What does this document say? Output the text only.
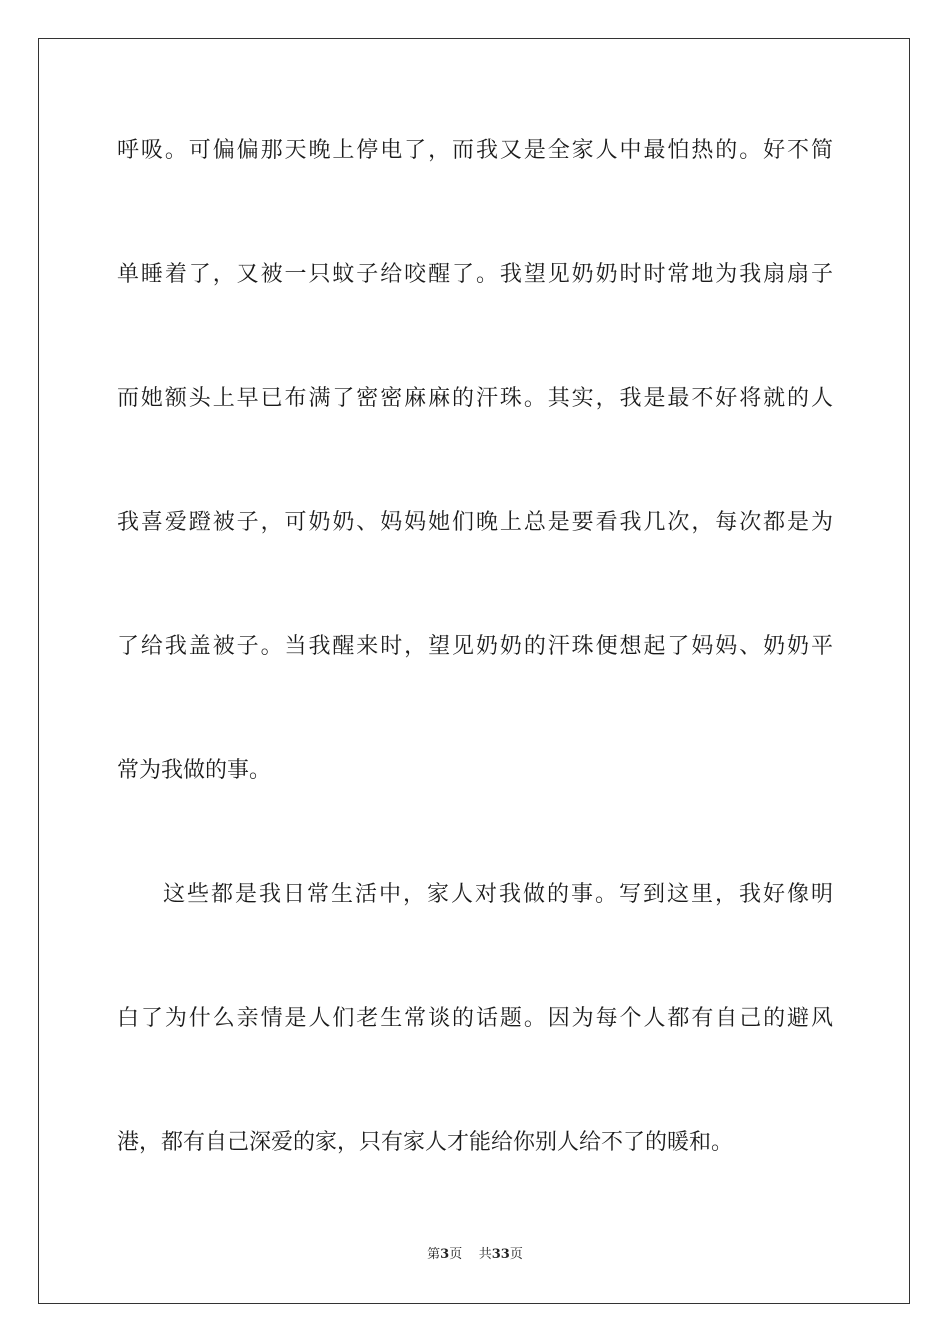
呼吸。可偏偏那天晚上停电了，而我又是全家人中最怕热的。好不简
单睡着了，又被一只蚊子给咬醒了。我望见奶奶时时常地为我扇扇子
而她额头上早已布满了密密麻麻的汗珠。其实，我是最不好将就的人
我喜爱蹬被子，可奶奶、妈妈她们晚上总是要看我几次，每次都是为
了给我盖被子。当我醒来时，望见奶奶的汗珠便想起了妈妈、奶奶平
常为我做的事。
这些都是我日常生活中，家人对我做的事。写到这里，我好像明
白了为什么亲情是人们老生常谈的话题。因为每个人都有自己的避风
港，都有自己深爱的家，只有家人才能给你别人给不了的暖和。
第3页 共33页
